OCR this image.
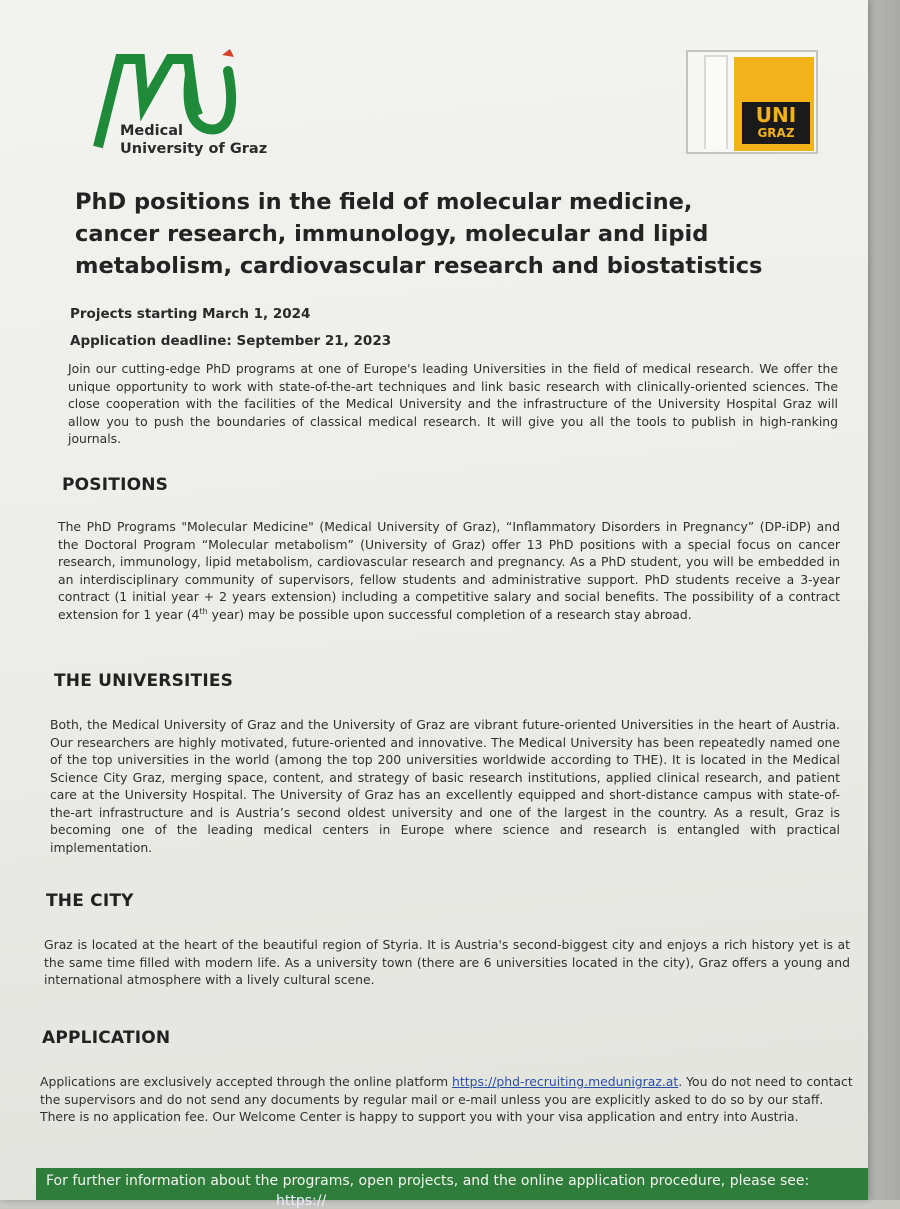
Medical
University of Graz
UNI
GRAZ
PhD positions in the field of molecular medicine,
cancer research, immunology, molecular and lipid
metabolism, cardiovascular research and biostatistics
Projects starting March 1, 2024
Application deadline: September 21, 2023

Join our cutting-edge PhD programs at one of Europe's leading Universities in the field of medical research. We offer the unique opportunity to work with state-of-the-art techniques and link basic research with clinically-oriented sciences. The close cooperation with the facilities of the Medical University and the infrastructure of the University Hospital Graz will allow you to push the boundaries of classical medical research. It will give you all the tools to publish in high-ranking journals.

POSITIONS

The PhD Programs "Molecular Medicine" (Medical University of Graz), “Inflammatory Disorders in Pregnancy” (DP-iDP) and the Doctoral Program “Molecular metabolism” (University of Graz) offer 13 PhD positions with a special focus on cancer research, immunology, lipid metabolism, cardiovascular research and pregnancy. As a PhD student, you will be embedded in an interdisciplinary community of supervisors, fellow students and administrative support. PhD students receive a 3-year contract (1 initial year + 2 years extension) including a competitive salary and social benefits. The possibility of a contract extension for 1 year (4th year) may be possible upon successful completion of a research stay abroad.

THE UNIVERSITIES

Both, the Medical University of Graz and the University of Graz are vibrant future-oriented Universities in the heart of Austria. Our researchers are highly motivated, future-oriented and innovative. The Medical University has been repeatedly named one of the top universities in the world (among the top 200 universities worldwide according to THE). It is located in the Medical Science City Graz, merging space, content, and strategy of basic research institutions, applied clinical research, and patient care at the University Hospital. The University of Graz has an excellently equipped and short-distance campus with state-of-the-art infrastructure and is Austria’s second oldest university and one of the largest in the country. As a result, Graz is becoming one of the leading medical centers in Europe where science and research is entangled with practical implementation.

THE CITY

Graz is located at the heart of the beautiful region of Styria. It is Austria's second-biggest city and enjoys a rich history yet is at the same time filled with modern life. As a university town (there are 6 universities located in the city), Graz offers a young and international atmosphere with a lively cultural scene.

APPLICATION

Applications are exclusively accepted through the online platform https://phd-recruiting.medunigraz.at. You do not need to contact the supervisors and do not send any documents by regular mail or e-mail unless you are explicitly asked to do so by our staff. There is no application fee. Our Welcome Center is happy to support you with your visa application and entry into Austria.

For further information about the programs, open projects, and the online application procedure, please see:
https://
